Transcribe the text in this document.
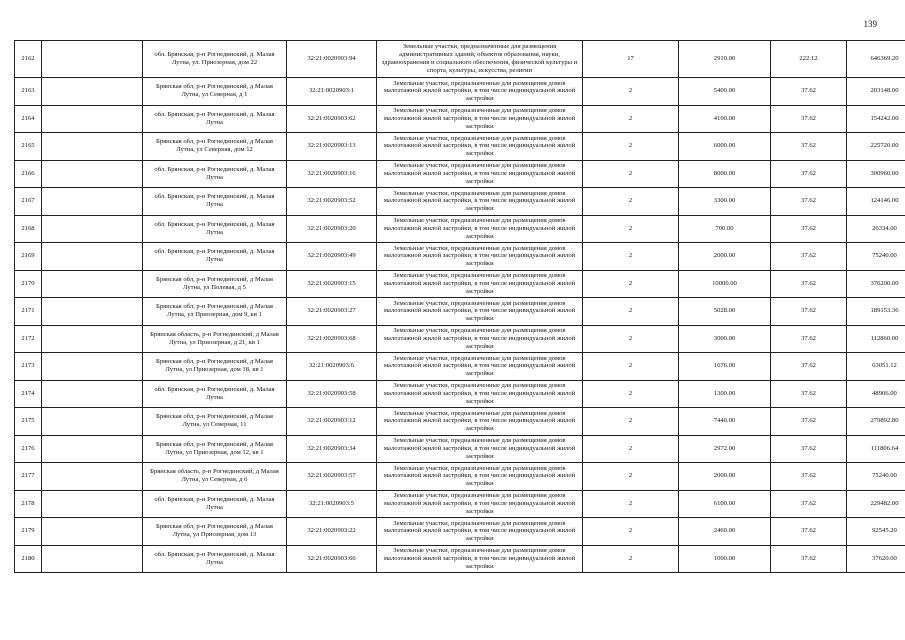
139
2162		обл. Брянская, р-н Рогнединский, д. Малая Лутна, ул. Приозерная, дом 22	32:21:0020903:94	Земельные участки, предназначенные для размещения административных зданий, объектов образования, науки, здравоохранения и социального обеспечения, физической культуры и спорта, культуры, искусства, религии	17	2910.00	222.12	646369.20
2163		Брянская обл, р-н Рогнединский, д Малая Лутна, ул Северная, д 1	32:21:0020903:1	Земельные участки, предназначенные для размещения домов малоэтажной жилой застройки, в том числе индивидуальной жилой застройки	2	5400.00	37.62	203148.00
2164		обл. Брянская, р-н Рогнединский, д. Малая Лутна	32:21:0020903:62	Земельные участки, предназначенные для размещения домов малоэтажной жилой застройки, в том числе индивидуальной жилой застройки	2	4100.00	37.62	154242.00
2165		Брянская обл, р-н Рогнединский, д Малая Лутна, ул Северная, дом 12	32:21:0020903:13	Земельные участки, предназначенные для размещения домов малоэтажной жилой застройки, в том числе индивидуальной жилой застройки	2	6000.00	37.62	225720.00
2166		обл. Брянская, р-н Рогнединский, д. Малая Лутна	32:21:0020903:16	Земельные участки, предназначенные для размещения домов малоэтажной жилой застройки, в том числе индивидуальной жилой застройки	2	8000.00	37.62	300960.00
2167		обл. Брянская, р-н Рогнединский, д. Малая Лутна	32:21:0020903:52	Земельные участки, предназначенные для размещения домов малоэтажной жилой застройки, в том числе индивидуальной жилой застройки	2	3300.00	37.62	124146.00
2168		обл. Брянская, р-н Рогнединский, д. Малая Лутна	32:21:0020903:20	Земельные участки, предназначенные для размещения домов малоэтажной жилой застройки, в том числе индивидуальной жилой застройки	2	700.00	37.62	26334.00
2169		обл. Брянская, р-н Рогнединский, д. Малая Лутна	32:21:0020903:49	Земельные участки, предназначенные для размещения домов малоэтажной жилой застройки, в том числе индивидуальной жилой застройки	2	2000.00	37.62	75240.00
2170		Брянская обл, р-н Рогнединский, д Малая Лутна, ул Полевая, д 5	32:21:0020903:15	Земельные участки, предназначенные для размещения домов малоэтажной жилой застройки, в том числе индивидуальной жилой застройки	2	10000.00	37.62	376200.00
2171		Брянская обл, р-н Рогнединский, д Малая Лутна, ул Приозерная, дом 9, кв 1	32:21:0020903:27	Земельные участки, предназначенные для размещения домов малоэтажной жилой застройки, в том числе индивидуальной жилой застройки	2	5028.00	37.62	189153.36
2172		Брянская область, р-н Рогнединский, д Малая Лутна, ул Приозерная, д 21, кв 1	32:21:0020903:68	Земельные участки, предназначенные для размещения домов малоэтажной жилой застройки, в том числе индивидуальной жилой застройки	2	3000.00	37.62	112860.00
2173		Брянская обл, р-н Рогнединский, д Малая Лутна, ул Приозерная, дом 18, кв 1	32:21:0020903:6	Земельные участки, предназначенные для размещения домов малоэтажной жилой застройки, в том числе индивидуальной жилой застройки	2	1676.00	37.62	63051.12
2174		обл. Брянская, р-н Рогнединский, д. Малая Лутна	32:21:0020903:58	Земельные участки, предназначенные для размещения домов малоэтажной жилой застройки, в том числе индивидуальной жилой застройки	2	1300.00	37.62	48906.00
2175		Брянская обл, р-н Рогнединский, д Малая Лутна, ул Северная, 11	32:21:0020903:12	Земельные участки, предназначенные для размещения домов малоэтажной жилой застройки, в том числе индивидуальной жилой застройки	2	7440.00	37.62	279892.80
2176		Брянская обл, р-н Рогнединский, д Малая Лутна, ул Приозерная, дом 12, кв 1	32:21:0020903:34	Земельные участки, предназначенные для размещения домов малоэтажной жилой застройки, в том числе индивидуальной жилой застройки	2	2972.00	37.62	111806.64
2177		Брянская область, р-н Рогнединский, д Малая Лутна, ул Северная, д 6	32:21:0020903:57	Земельные участки, предназначенные для размещения домов малоэтажной жилой застройки, в том числе индивидуальной жилой застройки	2	2000.00	37.62	75240.00
2178		обл. Брянская, р-н Рогнединский, д. Малая Лутна	32:21:0020903:5	Земельные участки, предназначенные для размещения домов малоэтажной жилой застройки, в том числе индивидуальной жилой застройки	2	6100.00	37.62	229482.00
2179		Брянская обл, р-н Рогнединский, д Малая Лутна, ул Приозерная, дом 13	32:21:0020903:22	Земельные участки, предназначенные для размещения домов малоэтажной жилой застройки, в том числе индивидуальной жилой застройки	2	2460.00	37.62	92545.20
2180		обл. Брянская, р-н Рогнединский, д. Малая Лутна	32:21:0020903:66	Земельные участки, предназначенные для размещения домов малоэтажной жилой застройки, в том числе индивидуальной жилой застройки	2	1000.00	37.62	37620.00
